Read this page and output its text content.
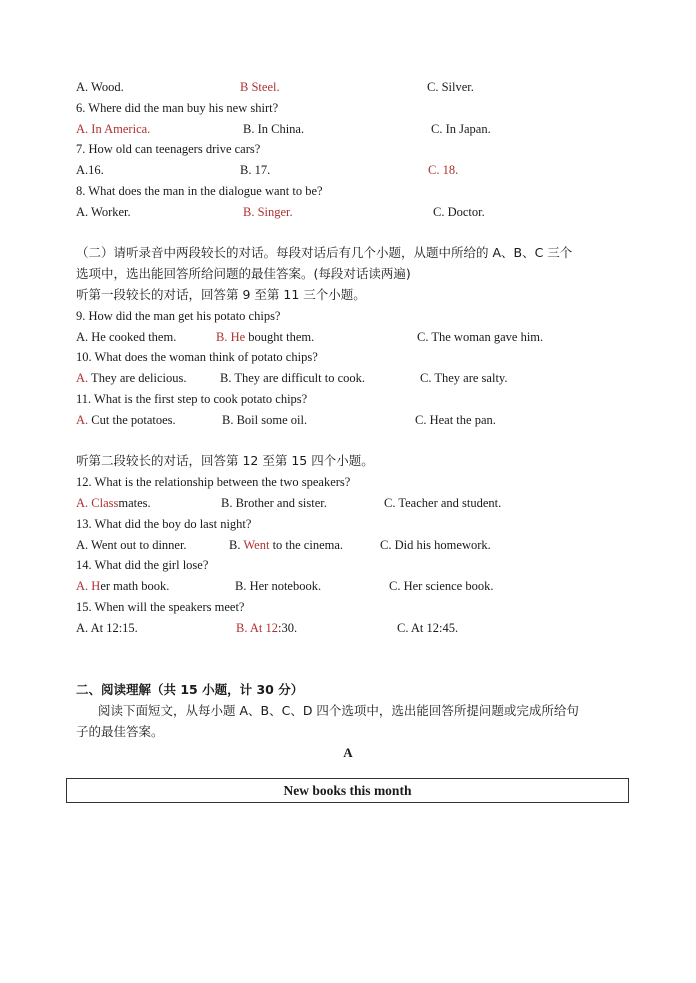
A. Wood.	B Steel.	C. Silver.
6. Where did the man buy his new shirt?
A. In America.	B. In China.	C. In Japan.
7. How old can teenagers drive cars?
A.16.	B. 17.	C. 18.
8. What does the man in the dialogue want to be?
A. Worker.	B. Singer.	C. Doctor.
（二）请听录音中两段较长的对话。每段对话后有几个小题，从题中所给的 A、B、C 三个
选项中，选出能回答所给问题的最佳答案。(每段对话读两遍)
听第一段较长的对话，回答第 9 至第 11 三个小题。
9. How did the man get his potato chips?
A. He cooked them.	B. He bought them.	C. The woman gave him.
10. What does the woman think of potato chips?
A. They are delicious.	B. They are difficult to cook.	C. They are salty.
11. What is the first step to cook potato chips?
A. Cut the potatoes.	B. Boil some oil.	C. Heat the pan.
听第二段较长的对话，回答第 12 至第 15 四个小题。
12. What is the relationship between the two speakers?
A. Classmates.	B. Brother and sister.	C. Teacher and student.
13. What did the boy do last night?
A. Went out to dinner.	B. Went to the cinema.	C. Did his homework.
14. What did the girl lose?
A. Her math book.	B. Her notebook.	C. Her science book.
15. When will the speakers meet?
A. At 12:15.	B. At 12:30.	C. At 12:45.
二、阅读理解（共 15 小题，计 30 分）
阅读下面短文，从每小题 A、B、C、D 四个选项中，选出能回答所提问题或完成所给句
子的最佳答案。
A
New books this month
